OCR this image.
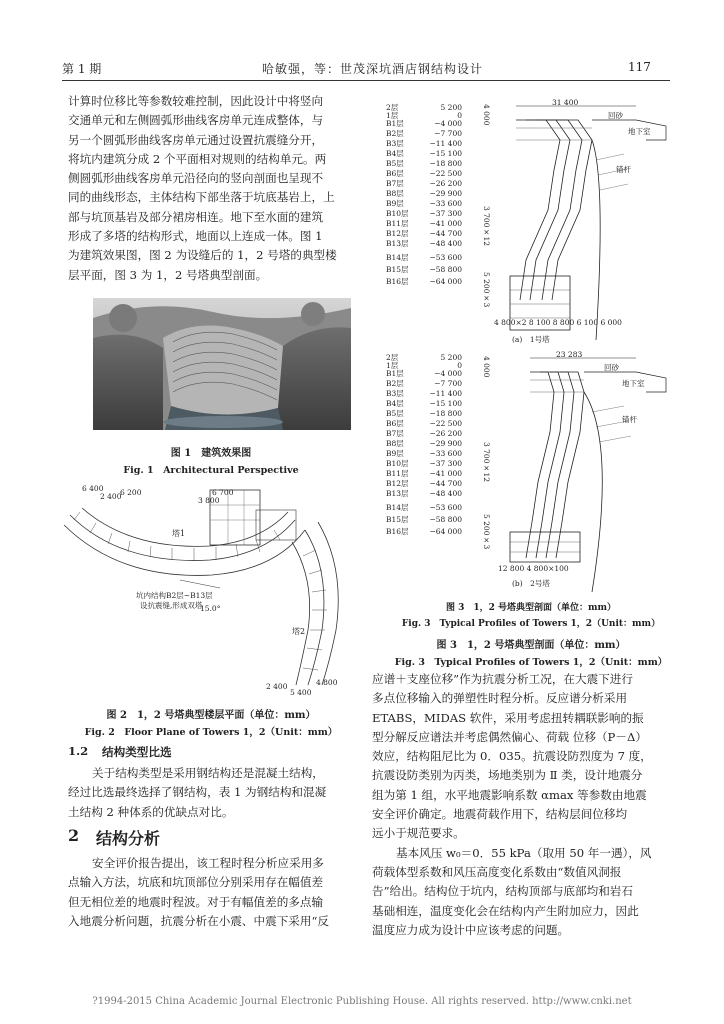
第 1 期	哈敏强，等：世茂深坑酒店钢结构设计	117
计算时位移比等参数较难控制，因此设计中将竖向
交通单元和左侧圆弧形曲线客房单元连成整体，与
另一个圆弧形曲线客房单元通过设置抗震缝分开，
将坑内建筑分成 2 个平面相对规则的结构单元。两
侧圆弧形曲线客房单元沿径向的竖向剖面也呈现不
同的曲线形态，主体结构下部坐落于坑底基岩上，上
部与坑顶基岩及部分裙房相连。地下至水面的建筑
形成了多塔的结构形式，地面以上连成一体。图 1
为建筑效果图，图 2 为设缝后的 1，2 号塔的典型楼
层平面，图 3 为 1，2 号塔典型剖面。
图 1　建筑效果图
Fig. 1　Architectural Perspective
6 400
2 400
6 200
3 800
6 700
塔1
15.0°
坑内结构B2层~B13层
设抗震缝,形成双塔
塔2
2 400
5 400
4 800
图 2　1，2 号塔典型楼层平面（单位：mm）
Fig. 2　Floor Plane of Towers 1，2（Unit：mm）
1.2 结构类型比选
关于结构类型是采用钢结构还是混凝土结构，
经过比选最终选择了钢结构，表 1 为钢结构和混凝
土结构 2 种体系的优缺点对比。
2 结构分析
安全评价报告提出，该工程时程分析应采用多
点输入方法，坑底和坑顶部位分别采用存在幅值差
但无相位差的地震时程波。对于有幅值差的多点输
入地震分析问题，抗震分析在小震、中震下采用“反
2层	5 200
1层	0
B1层	−4 000
B2层	−7 700
B3层	−11 400
B4层	−15 100
B5层	−18 800
B6层	−22 500
B7层	−26 200
B8层	−29 900
B9层	−33 600
B10层	−37 300
B11层	−41 000
B12层	−44 700
B13层	−48 400
B14层	−53 600
B15层	−58 800
B16层	−64 000
2层	5 200
1层	0
B1层	−4 000
B2层	−7 700
B3层	−11 400
B4层	−15 100
B5层	−18 800
B6层	−22 500
B7层	−26 200
B8层	−29 900
B9层	−33 600
B10层	−37 300
B11层	−41 000
B12层	−44 700
B13层	−48 400
B14层	−53 600
B15层	−58 800
B16层	−64 000
31 400
回砂
地下室
锚杆
4 000
3 700×12
5 200×3
4 800×2 8 100 8 800 6 100 6 000
(a)　1号塔
23 283
回砂
地下室
锚杆
4 000
3 700×12
5 200×3
12 800 4 800×100
(b)　2号塔
图 3　1，2 号塔典型剖面（单位：mm）
Fig. 3　Typical Profiles of Towers 1，2（Unit：mm）
图 3　1，2 号塔典型剖面（单位：mm）
Fig. 3　Typical Profiles of Towers 1，2（Unit：mm）
应谱＋支座位移”作为抗震分析工况，在大震下进行
多点位移输入的弹塑性时程分析。反应谱分析采用
ETABS，MIDAS 软件，采用考虑扭转耦联影响的振
型分解反应谱法并考虑偶然偏心、荷载 位移（P－Δ）
效应，结构阻尼比为 0．035。抗震设防烈度为 7 度，
抗震设防类别为丙类，场地类别为 Ⅱ 类，设计地震分
组为第 1 组，水平地震影响系数 αmax 等参数由地震
安全评价确定。地震荷载作用下，结构层间位移均
远小于规范要求。
基本风压 w₀＝0．55 kPa（取用 50 年一遇），风
荷载体型系数和风压高度变化系数由“数值风洞报
告”给出。结构位于坑内，结构顶部与底部均和岩石
基础相连，温度变化会在结构内产生附加应力，因此
温度应力成为设计中应该考虑的问题。
?1994-2015 China Academic Journal Electronic Publishing House. All rights reserved. http://www.cnki.net
